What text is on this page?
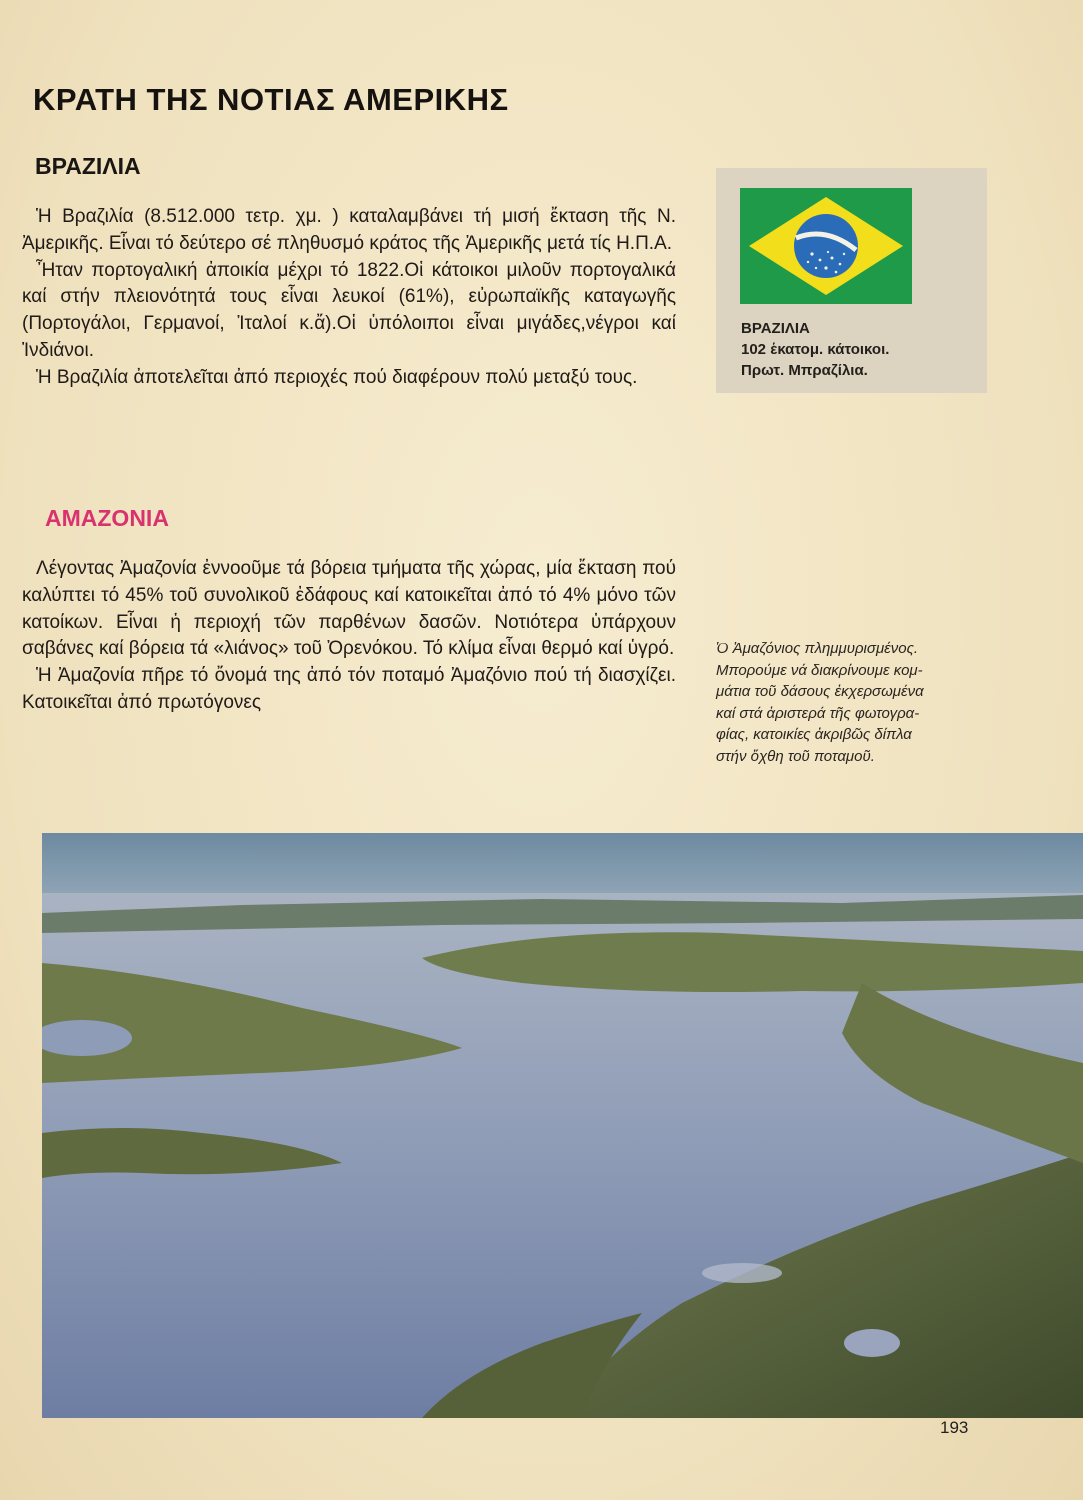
ΚΡΑΤΗ ΤΗΣ ΝΟΤΙΑΣ ΑΜΕΡΙΚΗΣ
ΒΡΑΖΙΛΙΑ

Ἡ Βραζιλία (8.512.000 τετρ. χμ. ) καταλαμβάνει τή μισή ἔκταση τῆς Ν. Ἀμερικῆς. Εἶναι τό δεύτερο σέ πληθυσμό κράτος τῆς Ἀμερικῆς μετά τίς Η.Π.Α.

Ἦταν πορτογαλική ἀποικία μέχρι τό 1822.Οἱ κάτοικοι μιλοῦν πορτογαλικά καί στήν πλειονότητά τους εἶναι λευκοί (61%), εὐρωπαϊκῆς καταγωγῆς (Πορτογάλοι, Γερμανοί, Ἰταλοί κ.ἄ).Οἱ ὑπόλοιποι εἶναι μιγάδες,νέγροι καί Ἰνδιάνοι.

Ἡ Βραζιλία ἀποτελεῖται ἀπό περιοχές πού διαφέρουν πολύ μεταξύ τους.

ΒΡΑΖΙΛΙΑ
102 ἑκατομ. κάτοικοι.
Πρωτ. Μπραζίλια.
ΑΜΑΖΟΝΙΑ

Λέγοντας Ἀμαζονία ἐννοοῦμε τά βόρεια τμήματα τῆς χώρας, μία ἔκταση πού καλύπτει τό 45% τοῦ συνολικοῦ ἐδάφους καί κατοικεῖται ἀπό τό 4% μόνο τῶν κατοίκων. Εἶναι ἡ περιοχή τῶν παρθένων δασῶν. Νοτιότερα ὑπάρχουν σαβάνες καί βόρεια τά «λιάνος» τοῦ Ὀρενόκου. Τό κλίμα εἶναι θερμό καί ὑγρό.

Ἡ Ἀμαζονία πῆρε τό ὄνομά της ἀπό τόν ποταμό Ἀμαζόνιο πού τή διασχίζει. Κατοικεῖται ἀπό πρωτόγονες

Ὁ Ἀμαζόνιος πλημμυρισμένος.
Μπορούμε νά διακρίνουμε κομ-
μάτια τοῦ δάσους ἐκχερσωμένα
καί στά ἀριστερά τῆς φωτογρα-
φίας, κατοικίες ἀκριβῶς δίπλα
στήν ὄχθη τοῦ ποταμοῦ.
193
